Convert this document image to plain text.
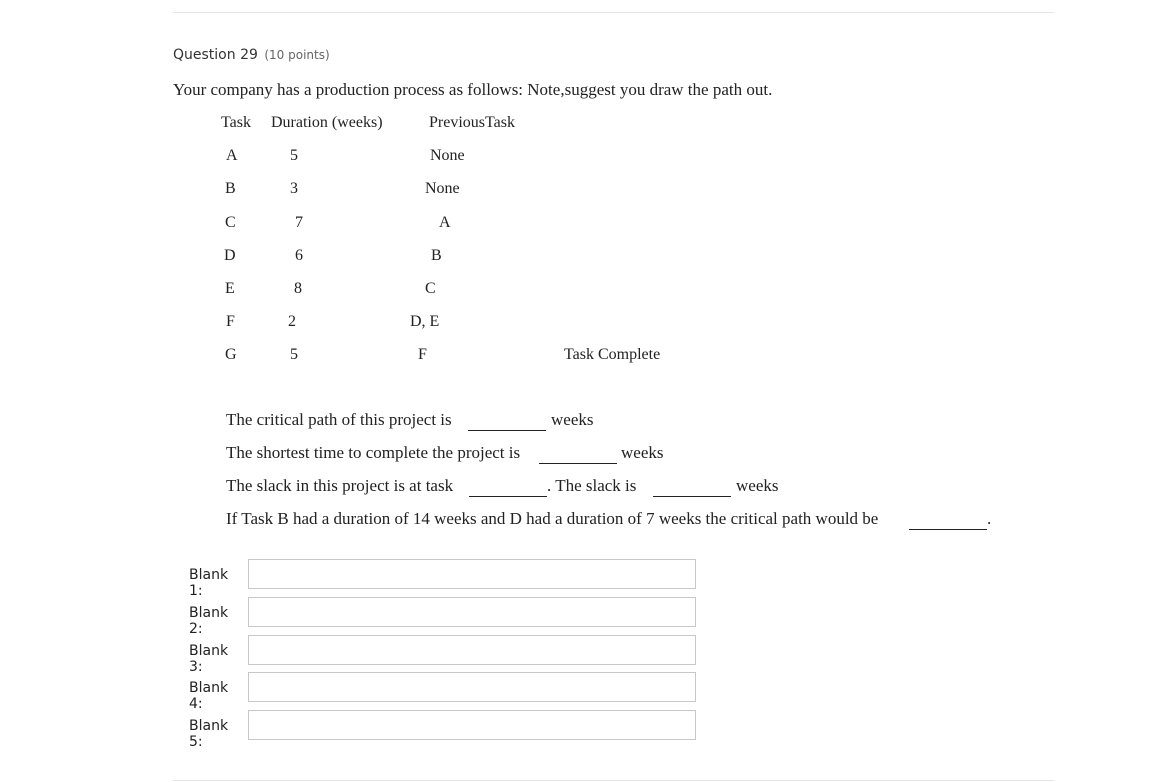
Question 29 (10 points)
Your company has a production process as follows: Note,suggest you draw the path out.
Task Duration (weeks)	PreviousTask
A	5	None
B	3	None
C	7	A
D	6	B
E	8	C
F	2	D, E
G	5	F	Task Complete
The critical path of this project is	weeks
The shortest time to complete the project is	weeks
The slack in this project is at task	. The slack is	weeks
If Task B had a duration of 14 weeks and D had a duration of 7 weeks the critical path would be	.
Blank 1:
Blank 2:
Blank 3:
Blank 4:
Blank 5:
